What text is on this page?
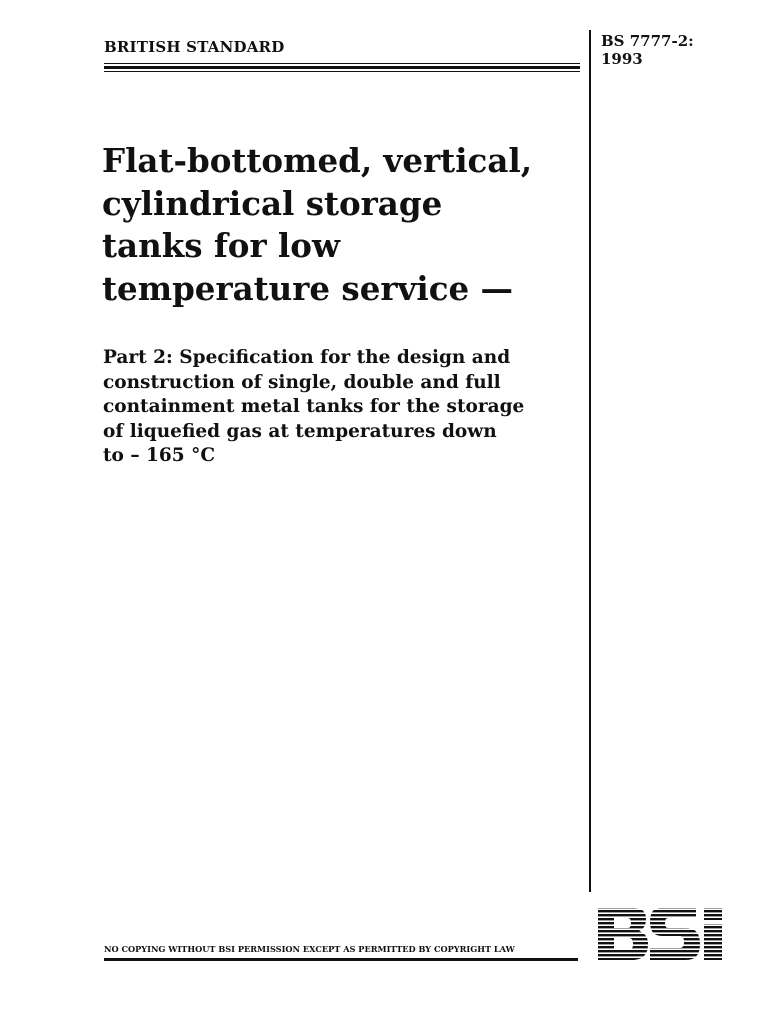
BRITISH STANDARD	BS 7777-2:
1993
Flat-bottomed, vertical,
cylindrical storage
tanks for low
temperature service —
Part 2: Specification for the design and
construction of single, double and full
containment metal tanks for the storage
of liquefied gas at temperatures down
to – 165 °C
NO COPYING WITHOUT BSI PERMISSION EXCEPT AS PERMITTED BY COPYRIGHT LAW
